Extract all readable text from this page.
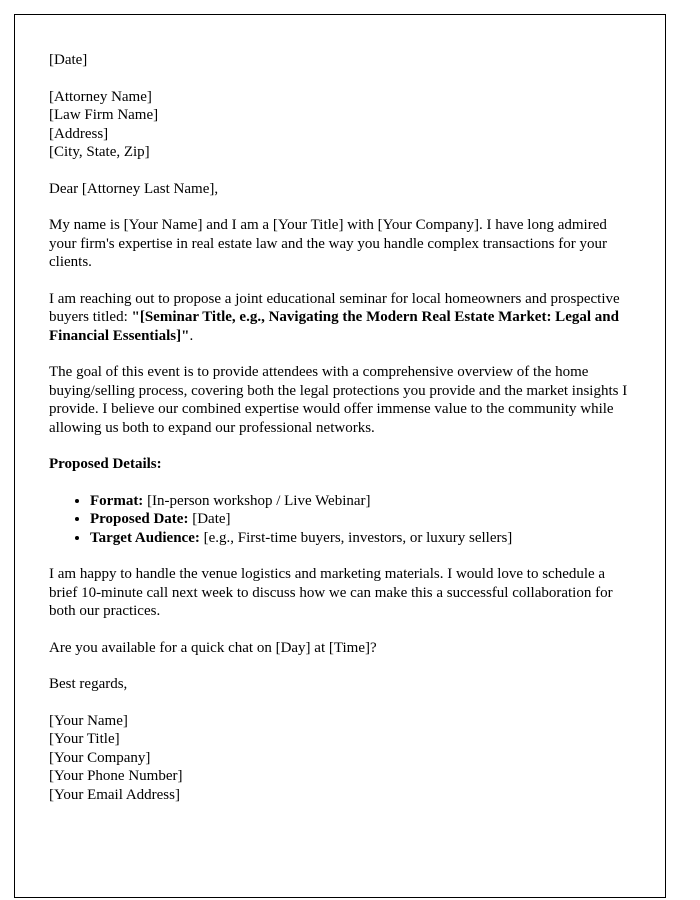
[Date]

[Attorney Name]
[Law Firm Name]
[Address]
[City, State, Zip]

Dear [Attorney Last Name],

My name is [Your Name] and I am a [Your Title] with [Your Company]. I have long admired your firm's expertise in real estate law and the way you handle complex transactions for your clients.

I am reaching out to propose a joint educational seminar for local homeowners and prospective buyers titled: "[Seminar Title, e.g., Navigating the Modern Real Estate Market: Legal and Financial Essentials]".

The goal of this event is to provide attendees with a comprehensive overview of the home buying/selling process, covering both the legal protections you provide and the market insights I provide. I believe our combined expertise would offer immense value to the community while allowing us both to expand our professional networks.

Proposed Details:

• Format: [In-person workshop / Live Webinar]
• Proposed Date: [Date]
• Target Audience: [e.g., First-time buyers, investors, or luxury sellers]

I am happy to handle the venue logistics and marketing materials. I would love to schedule a brief 10-minute call next week to discuss how we can make this a successful collaboration for both our practices.

Are you available for a quick chat on [Day] at [Time]?

Best regards,

[Your Name]
[Your Title]
[Your Company]
[Your Phone Number]
[Your Email Address]
